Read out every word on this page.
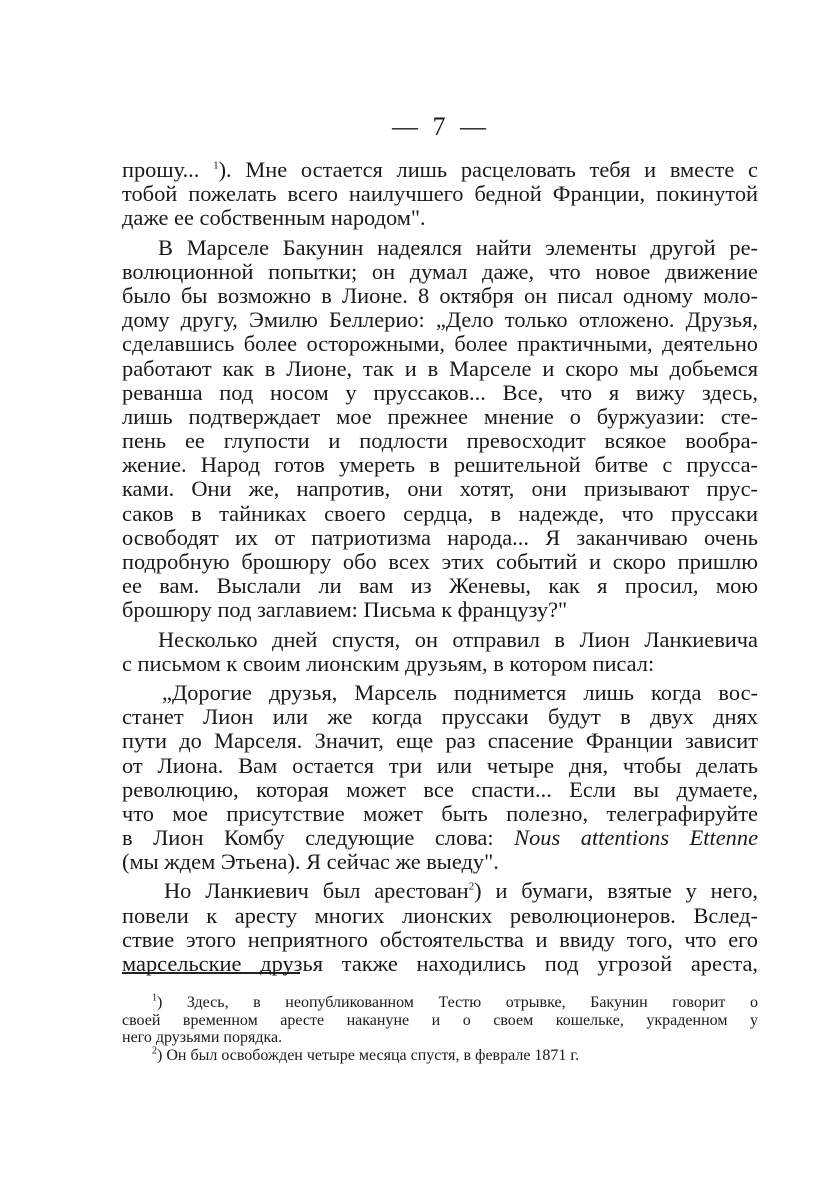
— 7 —
прошу... $^1$). Мне остается лишь расцеловать тебя и вместе с
тобой пожелать всего наилучшего бедной Франции, покинутой
даже ее собственным народом".
В Марселе Бакунин надеялся найти элементы другой ре-
волюционной попытки; он думал даже, что новое движение
было бы возможно в Лионе. 8 октября он писал одному моло-
дому другу, Эмилю Беллерио: „Дело только отложено. Друзья,
сделавшись более осторожными, более практичными, деятельно
работают как в Лионе, так и в Марселе и скоро мы добьемся
реванша под носом у пруссаков... Все, что я вижу здесь,
лишь подтверждает мое прежнее мнение о буржуазии: сте-
пень ее глупости и подлости превосходит всякое вообра-
жение. Народ готов умереть в решительной битве с прусса-
ками. Они же, напротив, они хотят, они призывают прус-
саков в тайниках своего сердца, в надежде, что пруссаки
освободят их от патриотизма народа... Я заканчиваю очень
подробную брошюру обо всех этих событий и скоро пришлю
ее вам. Выслали ли вам из Женевы, как я просил, мою
брошюру под заглавием: Письма к французу?"
Несколько дней спустя, он отправил в Лион Ланкиевича
с письмом к своим лионским друзьям, в котором писал:
„Дорогие друзья, Марсель поднимется лишь когда вос-
станет Лион или же когда пруссаки будут в двух днях
пути до Марселя. Значит, еще раз спасение Франции зависит
от Лиона. Вам остается три или четыре дня, чтобы делать
революцию, которая может все спасти... Если вы думаете,
что мое присутствие может быть полезно, телеграфируйте
в Лион Комбу следующие слова: Nous attentions Ettenne
(мы ждем Этьена). Я сейчас же выеду".
Но Ланкиевич был арестован$^2$) и бумаги, взятые у него,
повели к аресту многих лионских революционеров. Вслед-
ствие этого неприятного обстоятельства и ввиду того, что его
марсельские друзья также находились под угрозой ареста,
$^1$) Здесь, в неопубликованном Тестю отрывке, Бакунин говорит о
своей временном аресте накануне и о своем кошельке, украденном у
него друзьями порядка.
$^2$) Он был освобожден четыре месяца спустя, в феврале 1871 г.
